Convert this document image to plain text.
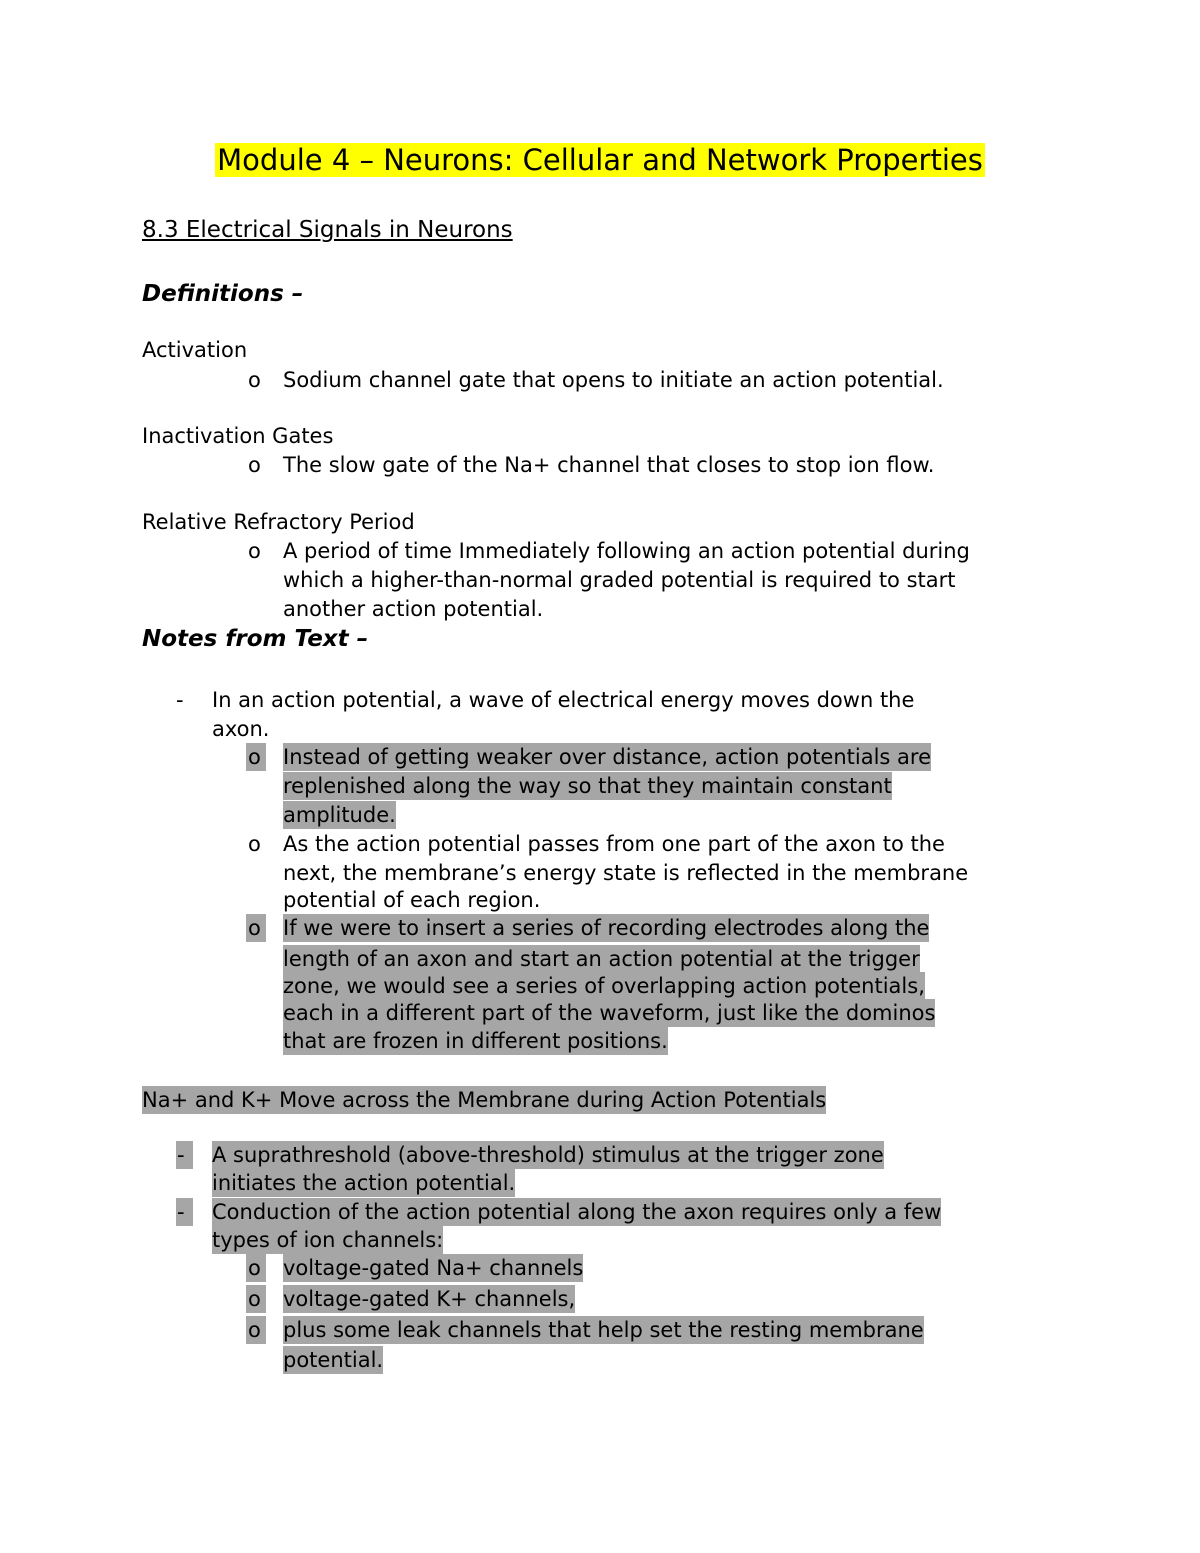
Module 4 – Neurons: Cellular and Network Properties
8.3 Electrical Signals in Neurons
Definitions –
Activation
o Sodium channel gate that opens to initiate an action potential.
Inactivation Gates
o The slow gate of the Na+ channel that closes to stop ion flow.
Relative Refractory Period
o A period of time Immediately following an action potential during
which a higher-than-normal graded potential is required to start
another action potential.
Notes from Text –
- In an action potential, a wave of electrical energy moves down the
axon.
o Instead of getting weaker over distance, action potentials are
replenished along the way so that they maintain constant
amplitude.
o As the action potential passes from one part of the axon to the
next, the membrane’s energy state is reflected in the membrane
potential of each region.
o If we were to insert a series of recording electrodes along the
length of an axon and start an action potential at the trigger
zone, we would see a series of overlapping action potentials,
each in a different part of the waveform, just like the dominos
that are frozen in different positions.
Na+ and K+ Move across the Membrane during Action Potentials
-	A suprathreshold (above-threshold) stimulus at the trigger zone
initiates the action potential.
-	Conduction of the action potential along the axon requires only a few
types of ion channels:
o voltage-gated Na+ channels
o voltage-gated K+ channels,
o plus some leak channels that help set the resting membrane
potential.
